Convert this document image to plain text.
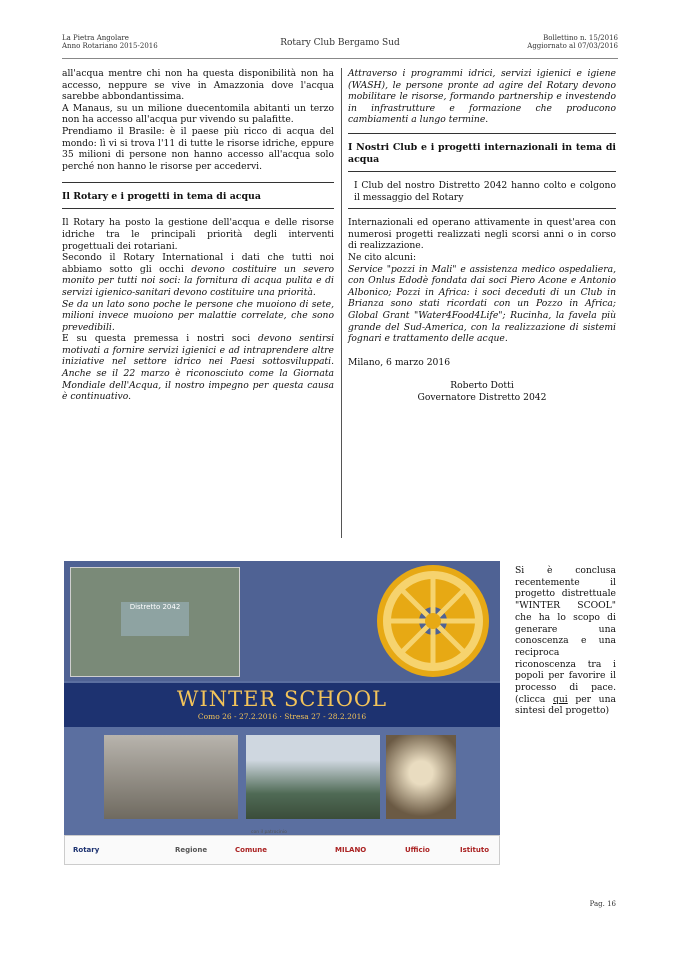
La Pietra Angolare
Anno Rotariano 2015-2016	Rotary Club Bergamo Sud	Bollettino n. 15/2016
Aggiornato al 07/03/2016

all'acqua mentre chi non ha questa disponibilità non ha accesso, neppure se vive in Amazzonia dove l'acqua sarebbe abbondantissima.

A Manaus, su un milione duecentomila abitanti un terzo non ha accesso all'acqua pur vivendo su palafitte.

Prendiamo il Brasile: è il paese più ricco di acqua del mondo: lì vi si trova l'11 di tutte le risorse idriche, eppure 35 milioni di persone non hanno accesso all'acqua solo perché non hanno le risorse per accedervi.

Il Rotary e i progetti in tema di acqua

Il Rotary ha posto la gestione dell'acqua e delle risorse idriche tra le principali priorità degli interventi progettuali dei rotariani.

Secondo il Rotary International i dati che tutti noi abbiamo sotto gli occhi devono costituire un severo monito per tutti noi soci: la fornitura di acqua pulita e di servizi igienico-sanitari devono costituire una priorità.

Se da un lato sono poche le persone che muoiono di sete, milioni invece muoiono per malattie correlate, che sono prevedibili.

E su questa premessa i nostri soci devono sentirsi motivati a fornire servizi igienici e ad intraprendere altre iniziative nel settore idrico nei Paesi sottosviluppati. Anche se il 22 marzo è riconosciuto come la Giornata Mondiale dell'Acqua, il nostro impegno per questa causa è continuativo.

Attraverso i programmi idrici, servizi igienici e igiene (WASH), le persone pronte ad agire del Rotary devono mobilitare le risorse, formando partnership e investendo in infrastrutture e formazione che producono cambiamenti a lungo termine.

I Nostri Club e i progetti internazionali in tema di acqua

I Club del nostro Distretto 2042 hanno colto e colgono il messaggio del Rotary

Internazionali ed operano attivamente in quest'area con numerosi progetti realizzati negli scorsi anni o in corso di realizzazione.

Ne cito alcuni:

Service "pozzi in Mali" e assistenza medico ospedaliera, con Onlus Edodè fondata dai soci Piero Acone e Antonio Albonico; Pozzi in Africa: i soci deceduti di un Club in Brianza sono stati ricordati con un Pozzo in Africa; Global Grant "Water4Food4Life"; Rucinha, la favela più grande del Sud-America, con la realizzazione di sistemi fognari e trattamento delle acque.

Milano, 6 marzo 2016

Roberto Dotti

Governatore Distretto 2042

Distretto 2042
WINTER SCHOOL
Como 26 - 27.2.2016 · Stresa 27 - 28.2.2016
con il patrocinio
Rotary	Regione	Comune	MILANO	Ufficio	Istituto
Si è conclusa recentemente il progetto distrettuale "WINTER SCOOL" che ha lo scopo di generare una conoscenza e una reciproca riconoscenza tra i popoli per favorire il processo di pace. (clicca qui per una sintesi del progetto)
Pag. 16
